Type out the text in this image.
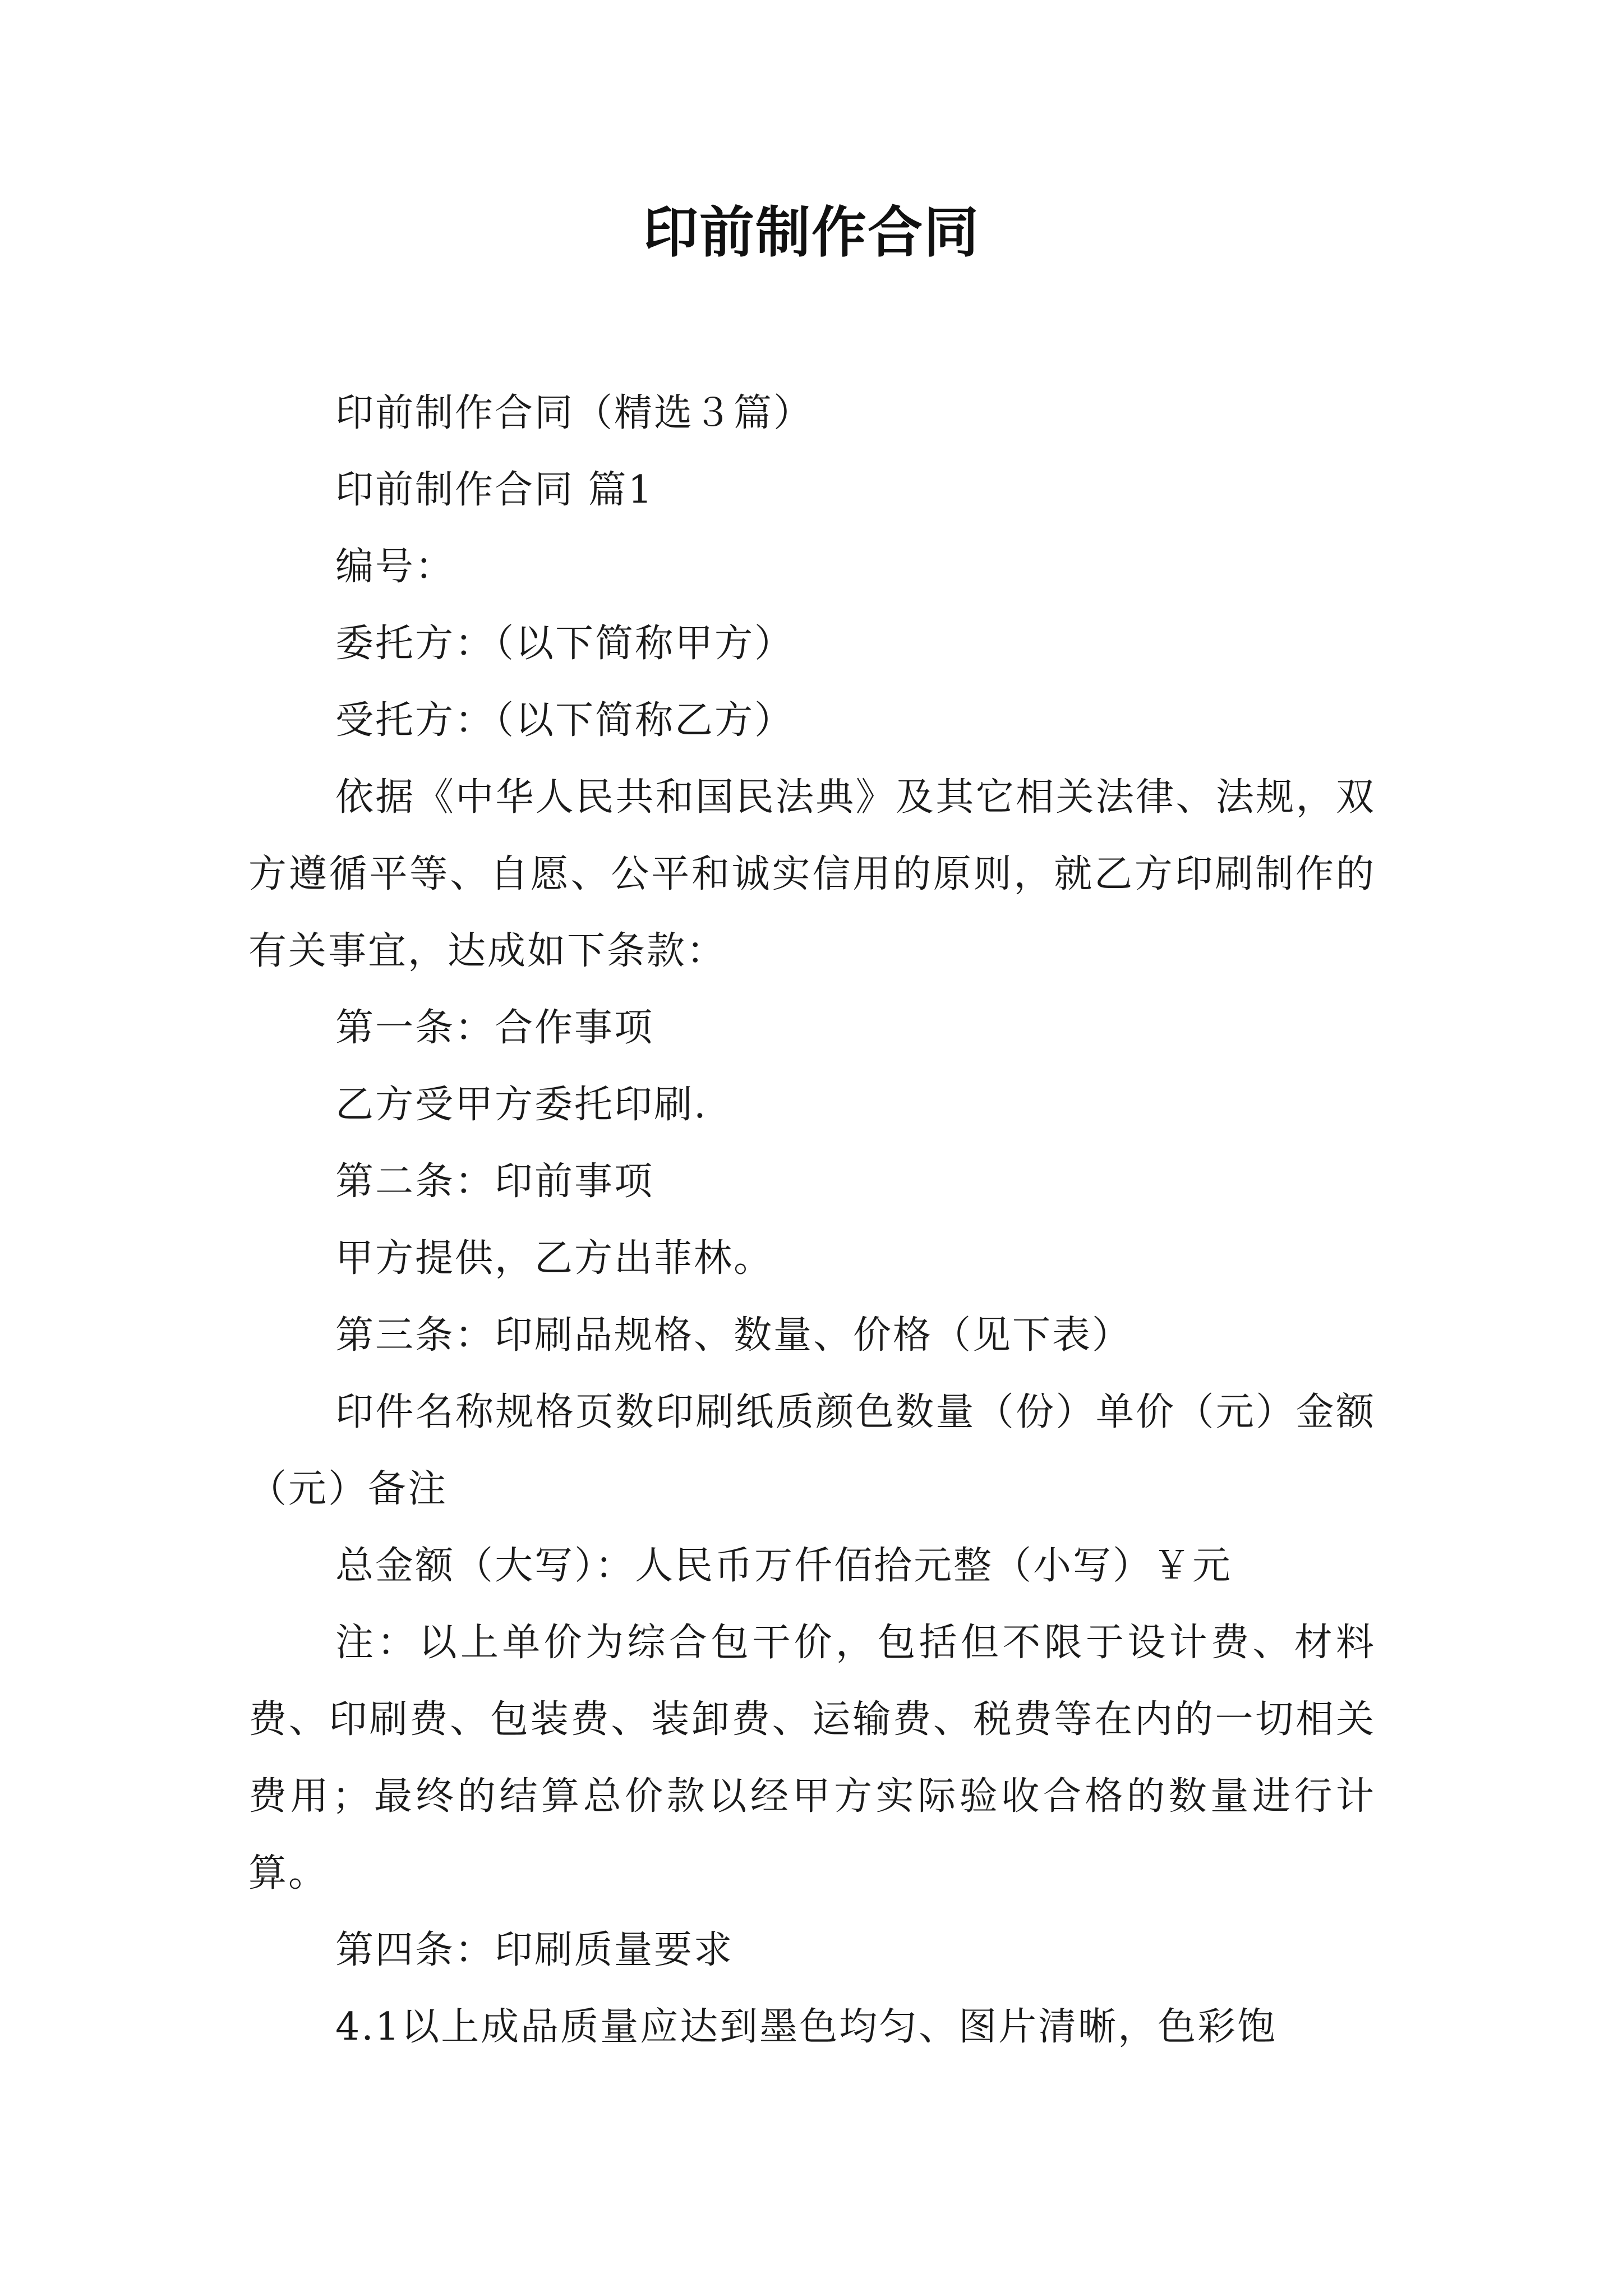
印前制作合同

印前制作合同（精选３篇）

印前制作合同 篇1

编号：

委托方：（以下简称甲方）

受托方：（以下简称乙方）

依据《中华人民共和国民法典》及其它相关法律、法规，双方遵循平等、自愿、公平和诚实信用的原则，就乙方印刷制作的有关事宜，达成如下条款：

第一条：合作事项

乙方受甲方委托印刷.

第二条：印前事项

甲方提供，乙方出菲林。

第三条：印刷品规格、数量、价格（见下表）

印件名称规格页数印刷纸质颜色数量（份）单价（元）金额（元）备注

总金额（大写）：人民币万仟佰拾元整（小写）￥元

注：以上单价为综合包干价，包括但不限于设计费、材料费、印刷费、包装费、装卸费、运输费、税费等在内的一切相关费用；最终的结算总价款以经甲方实际验收合格的数量进行计算。

第四条：印刷质量要求

4.1以上成品质量应达到墨色均匀、图片清晰，色彩饱
